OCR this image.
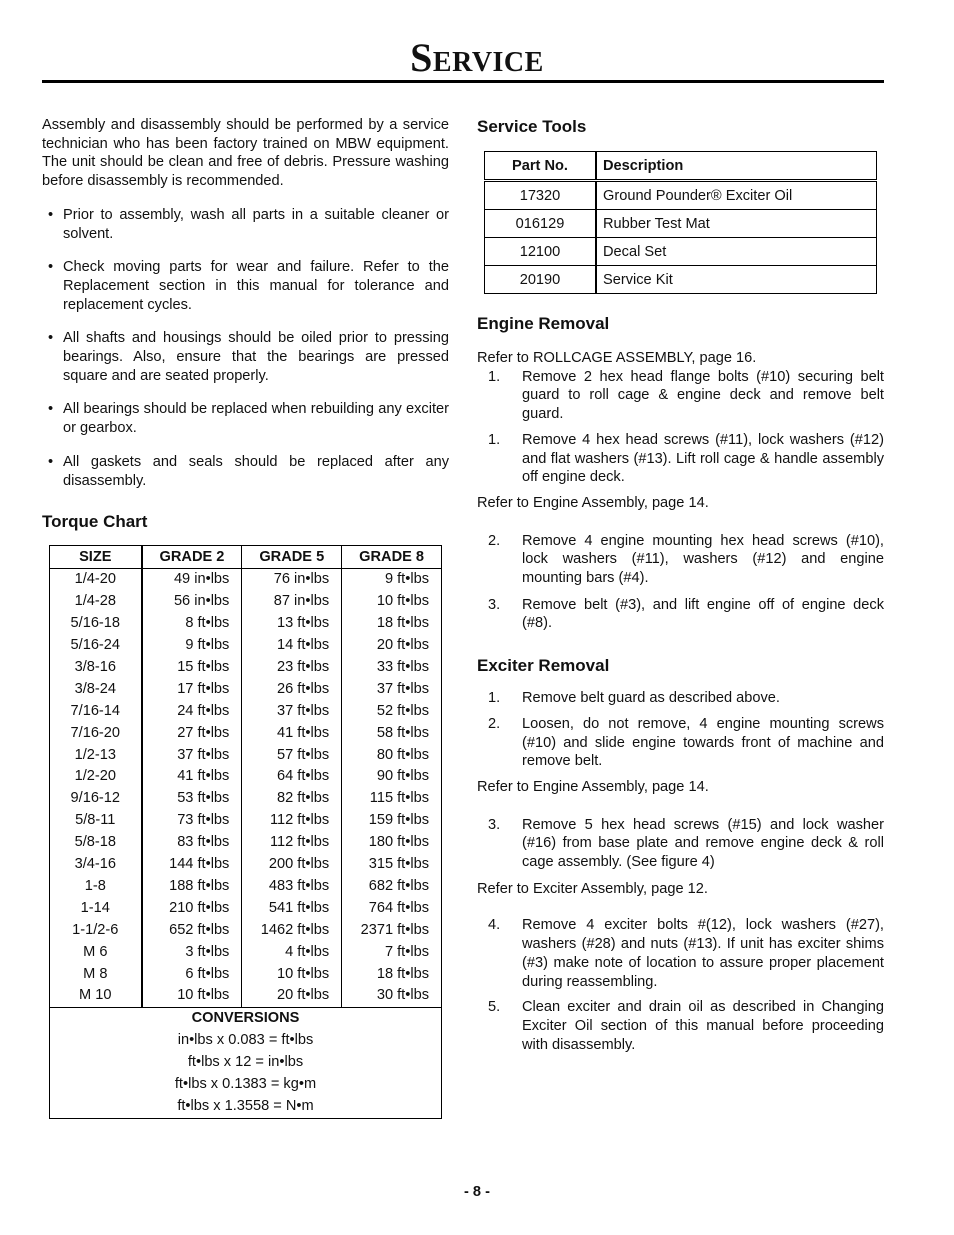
Service

Assembly and disassembly should be performed by a service technician who has been factory trained on MBW equipment. The unit should be clean and free of debris. Pressure washing before disassembly is recommended.

• Prior to assembly, wash all parts in a suitable cleaner or solvent.
• Check moving parts for wear and failure. Refer to the Replacement section in this manual for tolerance and replacement cycles.
• All shafts and housings should be oiled prior to pressing bearings. Also, ensure that the bearings are pressed square and are seated properly.
• All bearings should be replaced when rebuilding any exciter or gearbox.
• All gaskets and seals should be replaced after any disassembly.
Torque Chart
SIZE	GRADE 2	GRADE 5	GRADE 8
1/4-20	49 in•lbs	76 in•lbs	9 ft•lbs
1/4-28	56 in•lbs	87 in•lbs	10 ft•lbs
5/16-18	8 ft•lbs	13 ft•lbs	18 ft•lbs
5/16-24	9 ft•lbs	14 ft•lbs	20 ft•lbs
3/8-16	15 ft•lbs	23 ft•lbs	33 ft•lbs
3/8-24	17 ft•lbs	26 ft•lbs	37 ft•lbs
7/16-14	24 ft•lbs	37 ft•lbs	52 ft•lbs
7/16-20	27 ft•lbs	41 ft•lbs	58 ft•lbs
1/2-13	37 ft•lbs	57 ft•lbs	80 ft•lbs
1/2-20	41 ft•lbs	64 ft•lbs	90 ft•lbs
9/16-12	53 ft•lbs	82 ft•lbs	115 ft•lbs
5/8-11	73 ft•lbs	112 ft•lbs	159 ft•lbs
5/8-18	83 ft•lbs	112 ft•lbs	180 ft•lbs
3/4-16	144 ft•lbs	200 ft•lbs	315 ft•lbs
1-8	188 ft•lbs	483 ft•lbs	682 ft•lbs
1-14	210 ft•lbs	541 ft•lbs	764 ft•lbs
1-1/2-6	652 ft•lbs	1462 ft•lbs	2371 ft•lbs
M 6	3 ft•lbs	4 ft•lbs	7 ft•lbs
M 8	6 ft•lbs	10 ft•lbs	18 ft•lbs
M 10	10 ft•lbs	20 ft•lbs	30 ft•lbs
CONVERSIONS			
in•lbs x 0.083 = ft•lbs			
ft•lbs x 12 = in•lbs			
ft•lbs x 0.1383 = kg•m			
ft•lbs x 1.3558 = N•m			
Service Tools
Part No.	Description
17320	Ground Pounder® Exciter Oil
016129	Rubber Test Mat
12100	Decal Set
20190	Service Kit
Engine Removal

Refer to ROLLCAGE ASSEMBLY, page 16.

1. Remove 2 hex head flange bolts (#10) securing belt guard to roll cage & engine deck and remove belt guard.
1. Remove 4 hex head screws (#11), lock washers (#12) and flat washers (#13). Lift roll cage & handle assembly off engine deck.

Refer to Engine Assembly, page 14.

2. Remove 4 engine mounting hex head screws (#10), lock washers (#11), washers (#12) and engine mounting bars (#4).
3. Remove belt (#3), and lift engine off of engine deck (#8).
Exciter Removal
1. Remove belt guard as described above.
2. Loosen, do not remove, 4 engine mounting screws (#10) and slide engine towards front of machine and remove belt.

Refer to Engine Assembly, page 14.

3. Remove 5 hex head screws (#15) and lock washer (#16) from base plate and remove engine deck & roll cage assembly. (See figure 4)

Refer to Exciter Assembly, page 12.

4. Remove 4 exciter bolts #(12), lock washers (#27), washers (#28) and nuts (#13). If unit has exciter shims (#3) make note of location to assure proper placement during reassembling.
5. Clean exciter and drain oil as described in Changing Exciter Oil section of this manual before proceeding with disassembly.
- 8 -
